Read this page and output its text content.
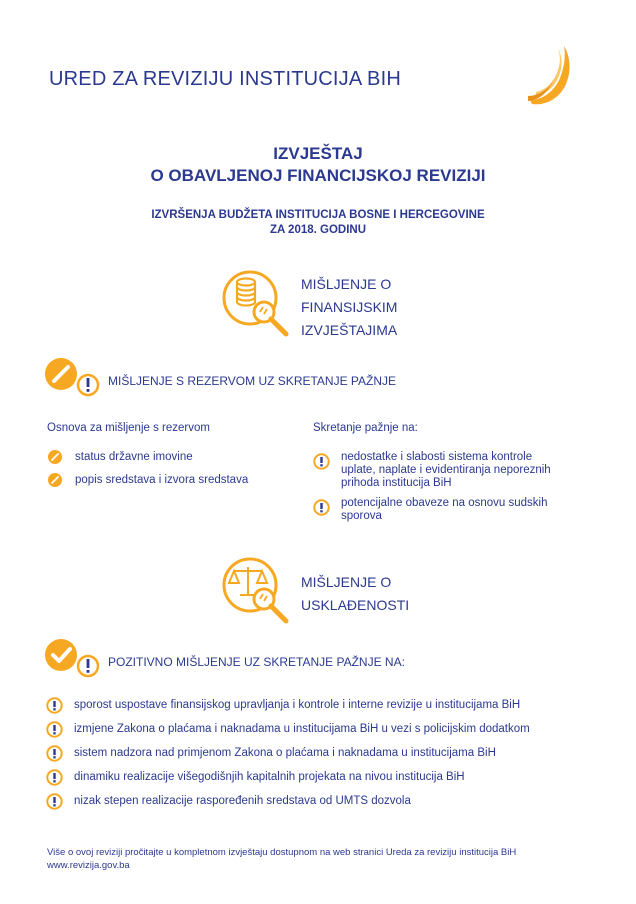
URED ZA REVIZIJU INSTITUCIJA BIH
IZVJEŠTAJ
O OBAVLJENOJ FINANCIJSKOJ REVIZIJI
IZVRŠENJA BUDŽETA INSTITUCIJA BOSNE I HERCEGOVINE
ZA 2018. GODINU
MIŠLJENJE O
FINANSIJSKIM
IZVJEŠTAJIMA
MIŠLJENJE S REZERVOM UZ SKRETANJE PAŽNJE
Osnova za mišljenje s rezervom
status državne imovine
popis sredstava i izvora sredstava
Skretanje pažnje na:
nedostatke i slabosti sistema kontrole
uplate, naplate i evidentiranja neporeznih
prihoda institucija BiH
potencijalne obaveze na osnovu sudskih
sporova
MIŠLJENJE O
USKLAĐENOSTI
POZITIVNO MIŠLJENJE UZ SKRETANJE PAŽNJE NA:
sporost uspostave finansijskog upravljanja i kontrole i interne revizije u institucijama BiH
izmjene Zakona o plaćama i naknadama u institucijama BiH u vezi s policijskim dodatkom
sistem nadzora nad primjenom Zakona o plaćama i naknadama u institucijama BiH
dinamiku realizacije višegodišnjih kapitalnih projekata na nivou institucija BiH
nizak stepen realizacije raspoređenih sredstava od UMTS dozvola
Više o ovoj reviziji pročitajte u kompletnom izvještaju dostupnom na web stranici Ureda za reviziju institucija BiH
www.revizija.gov.ba
